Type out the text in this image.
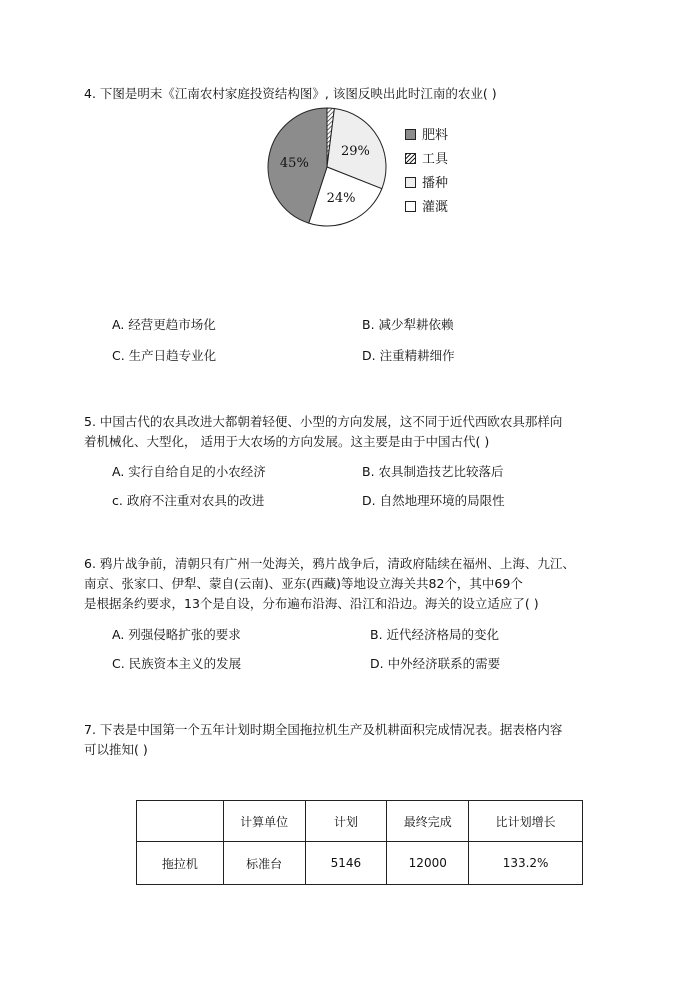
4. 下图是明末《江南农村家庭投资结构图》, 该图反映出此时江南的农业( )
29%
24%
45%
肥料
工具
播种
灌溉
A. 经营更趋市场化	B. 减少犁耕依赖
C. 生产日趋专业化	D. 注重精耕细作
5. 中国古代的农具改进大都朝着轻便、小型的方向发展，这不同于近代西欧农具那样向
着机械化、大型化， 适用于大农场的方向发展。这主要是由于中国古代( )
A. 实行自给自足的小农经济	B. 农具制造技艺比较落后
c. 政府不注重对农具的改进	D. 自然地理环境的局限性
6. 鸦片战争前，清朝只有广州一处海关，鸦片战争后，清政府陆续在福州、上海、九江、
南京、张家口、伊犁、蒙自(云南)、亚东(西藏)等地设立海关共82个，其中69个
是根据条约要求，13个是自设，分布遍布沿海、沿江和沿边。海关的设立适应了( )
A. 列强侵略扩张的要求	B. 近代经济格局的变化
C. 民族资本主义的发展	D. 中外经济联系的需要
7. 下表是中国第一个五年计划时期全国拖拉机生产及机耕面积完成情况表。据表格内容
可以推知( )
	计算单位	计划	最终完成	比计划增长
拖拉机	标准台	5146	12000	133.2%
